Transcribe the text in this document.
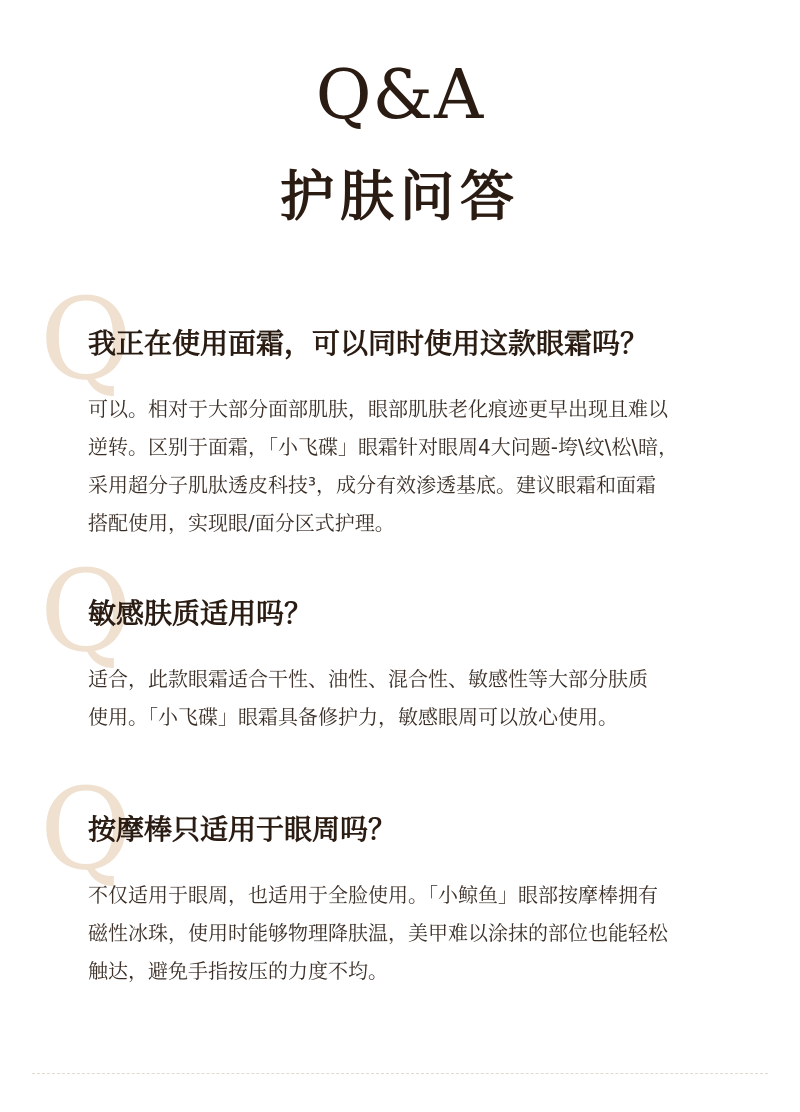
Q&A
护肤问答
Q
我正在使用面霜，可以同时使用这款眼霜吗？

可以。相对于大部分面部肌肤，眼部肌肤老化痕迹更早出现且难以

逆转。区别于面霜，「小飞碟」眼霜针对眼周4大问题-垮\纹\松\暗，

采用超分子肌肽透皮科技³，成分有效渗透基底。建议眼霜和面霜

搭配使用，实现眼/面分区式护理。

Q
敏感肤质适用吗？

适合，此款眼霜适合干性、油性、混合性、敏感性等大部分肤质

使用。「小飞碟」眼霜具备修护力，敏感眼周可以放心使用。

Q
按摩棒只适用于眼周吗？

不仅适用于眼周，也适用于全脸使用。「小鲸鱼」眼部按摩棒拥有

磁性冰珠，使用时能够物理降肤温，美甲难以涂抹的部位也能轻松

触达，避免手指按压的力度不均。
